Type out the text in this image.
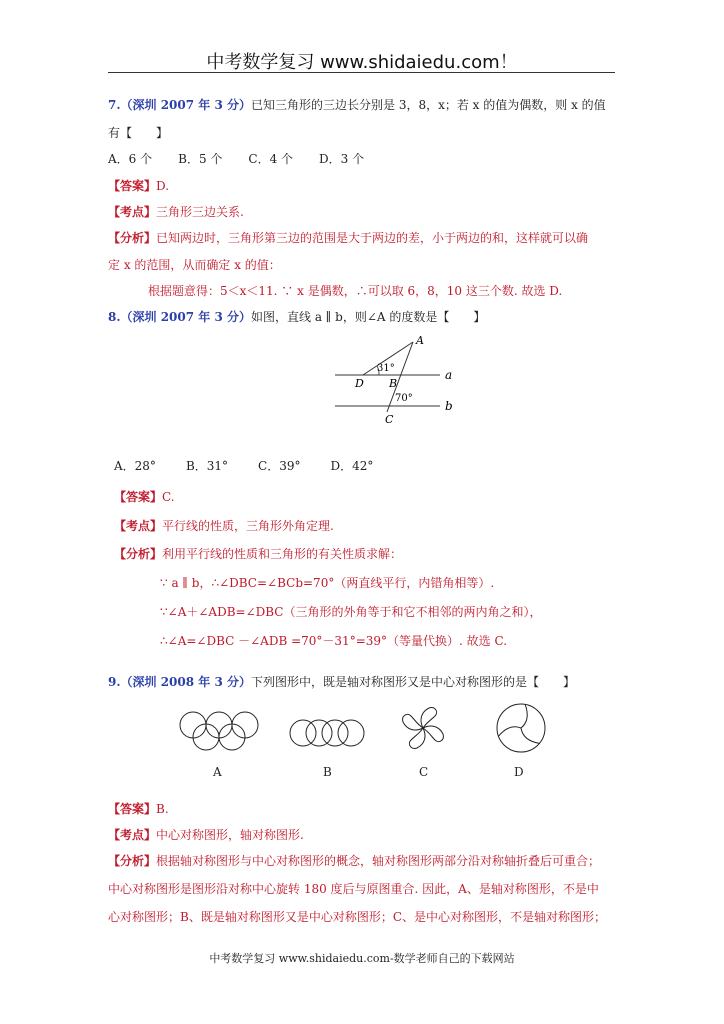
中考数学复习 www.shidaiedu.com！
7.（深圳 2007 年 3 分）已知三角形的三边长分别是 3，8，x；若 x 的值为偶数，则 x 的值
有【　　】
A．6 个 B．5 个 C．4 个 D．3 个
【答案】D.
【考点】三角形三边关系.
【分析】已知两边时，三角形第三边的范围是大于两边的差，小于两边的和，这样就可以确
定 x 的范围，从而确定 x 的值：
根据题意得：5＜x＜11. ∵ x 是偶数，∴可以取 6，8，10 这三个数. 故选 D.
8.（深圳 2007 年 3 分）如图，直线 a ∥ b，则∠A 的度数是【　　】
A
D B
C
a
b
31°
70°
A．28°	B．31°	C．39°	D．42°
【答案】C.
【考点】平行线的性质，三角形外角定理.
【分析】利用平行线的性质和三角形的有关性质求解：
∵ a ∥ b，∴∠DBC=∠BCb=70°（两直线平行，内错角相等）.
∵∠A＋∠ADB=∠DBC（三角形的外角等于和它不相邻的两内角之和），
∴∠A=∠DBC －∠ADB =70°－31°=39°（等量代换）. 故选 C.
9.（深圳 2008 年 3 分）下列图形中，既是轴对称图形又是中心对称图形的是【　　】
A	B	C	D
【答案】B.
【考点】中心对称图形，轴对称图形.
【分析】根据轴对称图形与中心对称图形的概念，轴对称图形两部分沿对称轴折叠后可重合；
中心对称图形是图形沿对称中心旋转 180 度后与原图重合. 因此，A、是轴对称图形，不是中
心对称图形；B、既是轴对称图形又是中心对称图形；C、是中心对称图形，不是轴对称图形；
中考数学复习 www.shidaiedu.com-数学老师自己的下载网站
